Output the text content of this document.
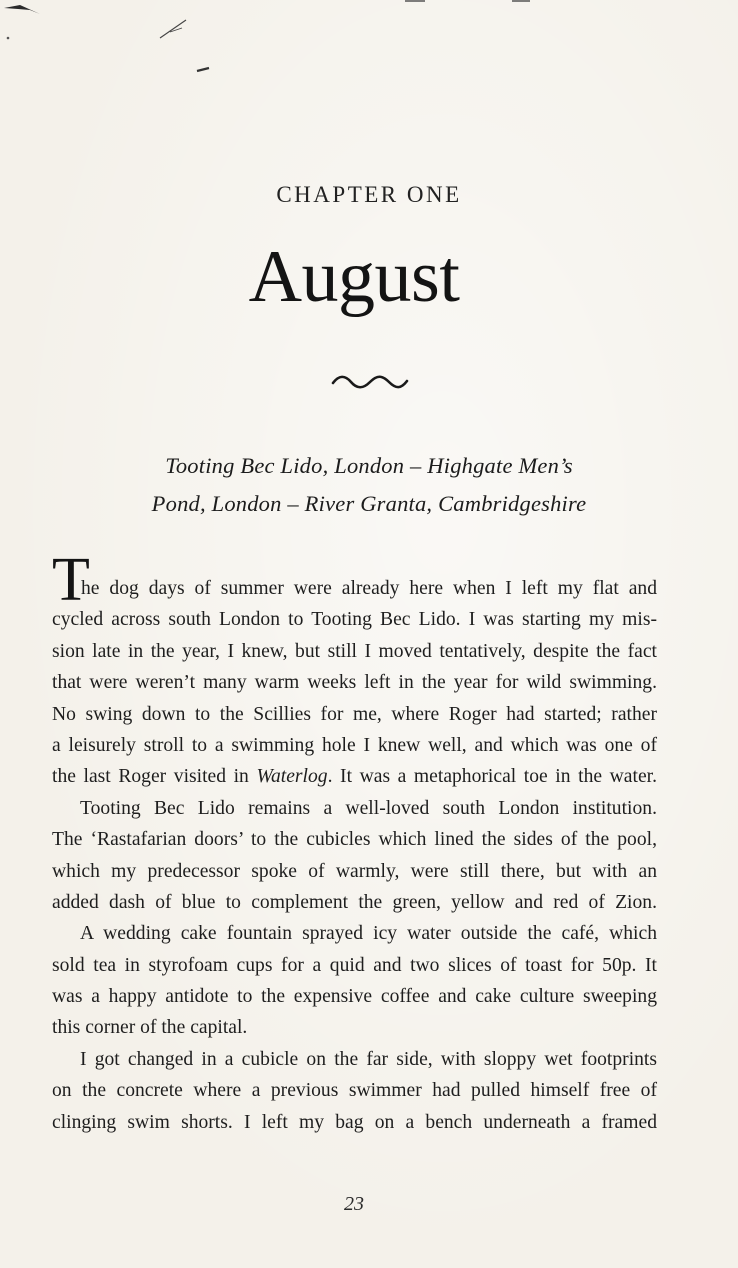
CHAPTER ONE
August
Tooting Bec Lido, London – Highgate Men’s
Pond, London – River Granta, Cambridgeshire
T
he dog days of summer were already here when I left my flat and
cycled across south London to Tooting Bec Lido. I was starting my mis-
sion late in the year, I knew, but still I moved tentatively, despite the fact
that were weren’t many warm weeks left in the year for wild swimming.
No swing down to the Scillies for me, where Roger had started; rather
a leisurely stroll to a swimming hole I knew well, and which was one of
the last Roger visited in Waterlog. It was a metaphorical toe in the water.
Tooting Bec Lido remains a well-loved south London institution.
The ‘Rastafarian doors’ to the cubicles which lined the sides of the pool,
which my predecessor spoke of warmly, were still there, but with an
added dash of blue to complement the green, yellow and red of Zion.
A wedding cake fountain sprayed icy water outside the café, which
sold tea in styrofoam cups for a quid and two slices of toast for 50p. It
was a happy antidote to the expensive coffee and cake culture sweeping
this corner of the capital.
I got changed in a cubicle on the far side, with sloppy wet footprints
on the concrete where a previous swimmer had pulled himself free of
clinging swim shorts. I left my bag on a bench underneath a framed
23
